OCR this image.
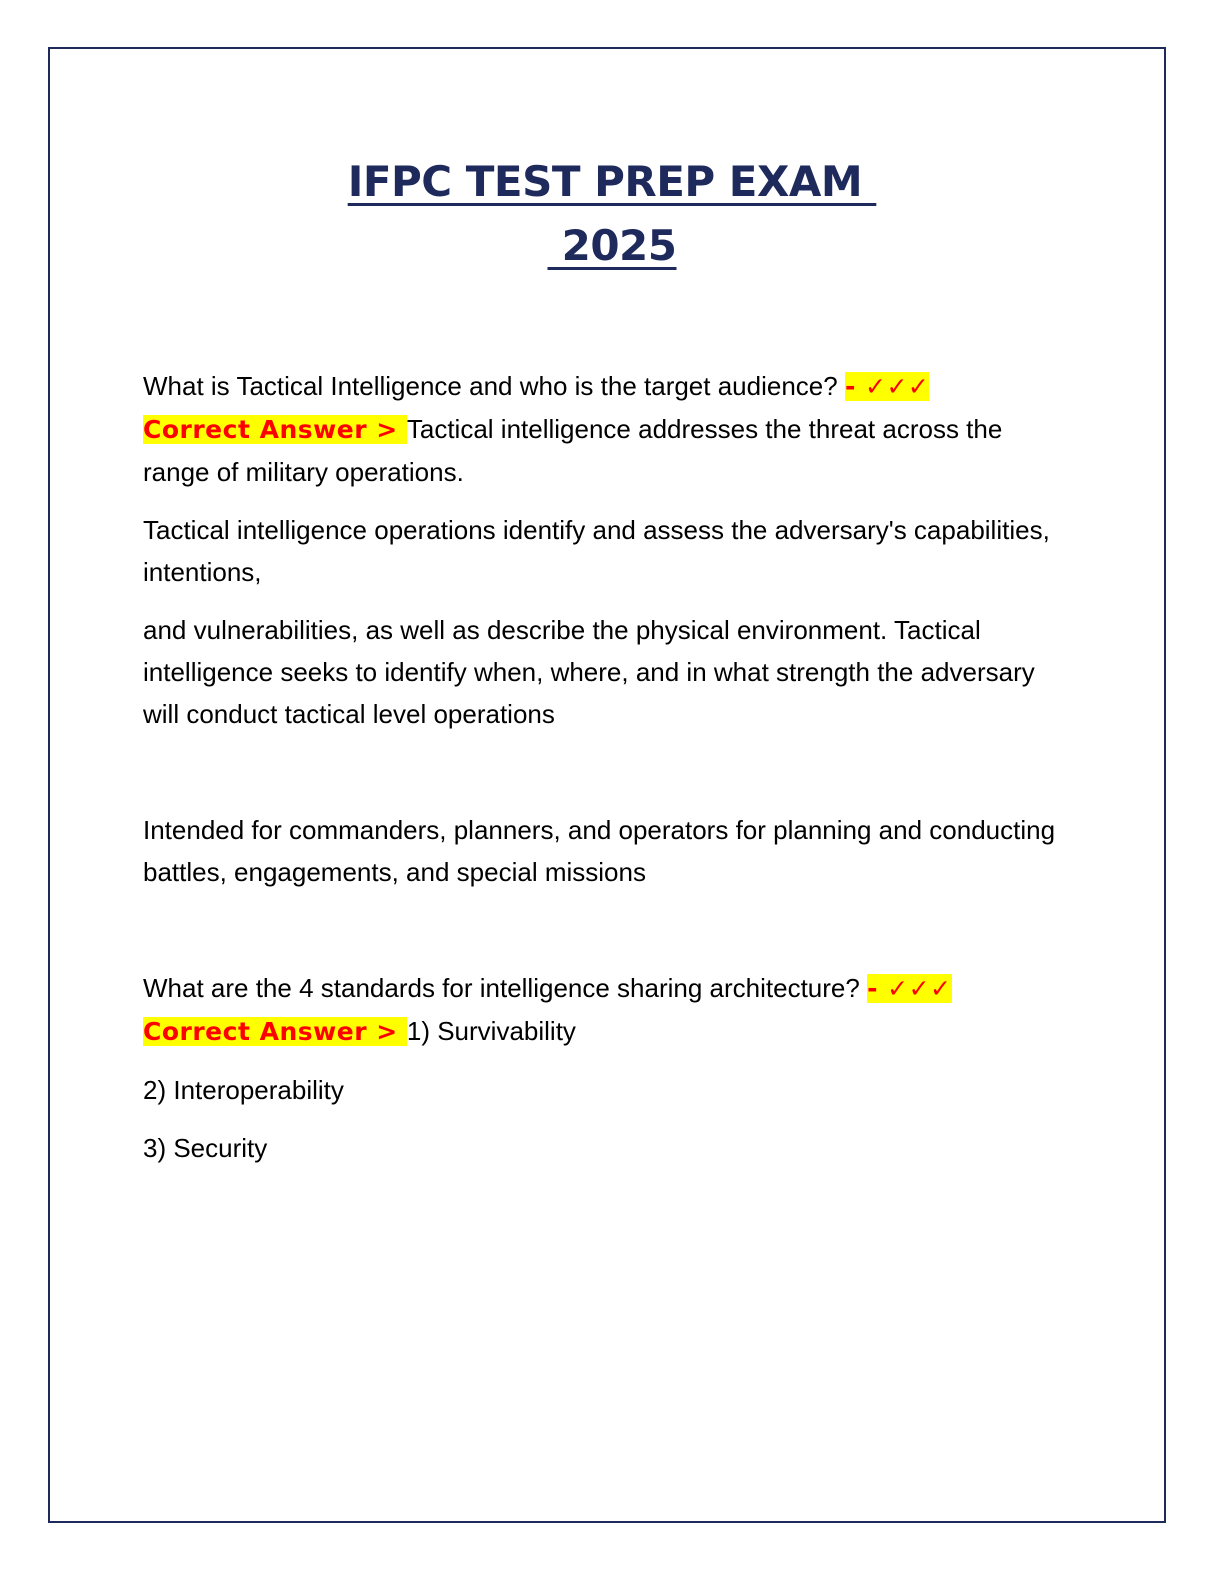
IFPC TEST PREP EXAM
2025

What is Tactical Intelligence and who is the target audience? - ✓✓✓
Correct Answer > Tactical intelligence addresses the threat across the range of military operations.

Tactical intelligence operations identify and assess the adversary's capabilities, intentions,

and vulnerabilities, as well as describe the physical environment. Tactical intelligence seeks to identify when, where, and in what strength the adversary will conduct tactical level operations

Intended for commanders, planners, and operators for planning and conducting battles, engagements, and special missions

What are the 4 standards for intelligence sharing architecture? - ✓✓✓
Correct Answer > 1) Survivability

2) Interoperability

3) Security
